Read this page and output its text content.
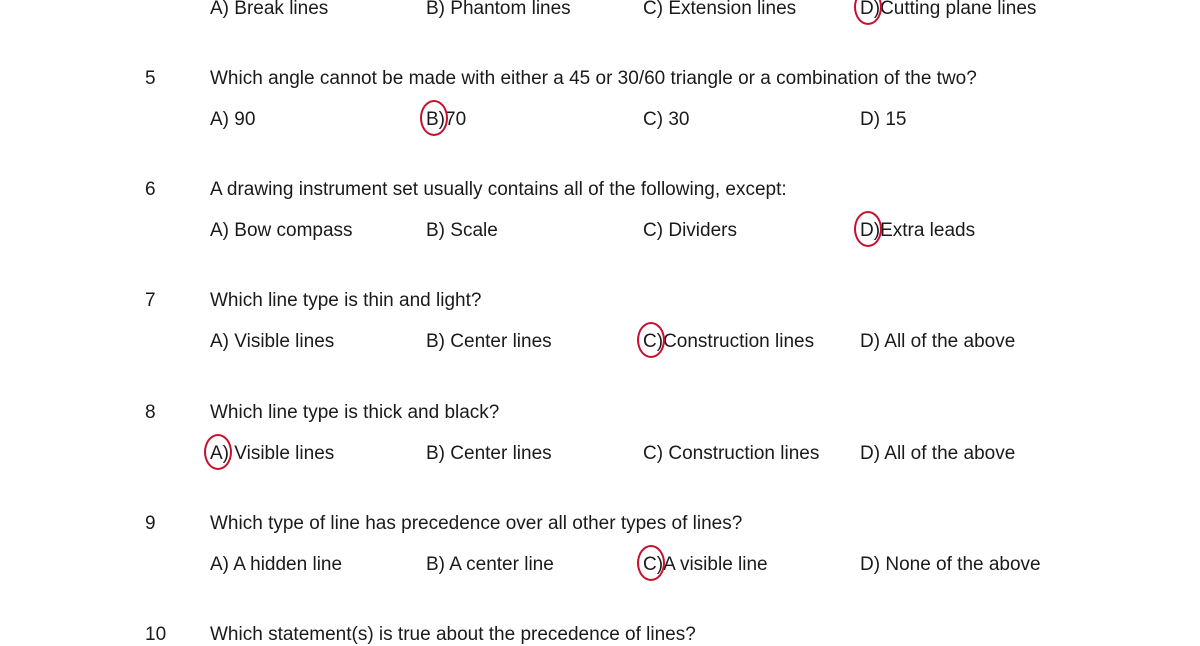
A) Break lines	B) Phantom lines	C) Extension lines	D)Cutting plane lines
5	Which angle cannot be made with either a 45 or 30/60 triangle or a combination of the two?
A) 90	B)70	C) 30	D) 15
6	A drawing instrument set usually contains all of the following, except:
A) Bow compass	B) Scale	C) Dividers	D)Extra leads
7	Which line type is thin and light?
A) Visible lines	B) Center lines	C)Construction lines D) All of the above
8	Which line type is thick and black?
A) Visible lines	B) Center lines	C) Construction lines D) All of the above
9	Which type of line has precedence over all other types of lines?
A) A hidden line	B) A center line	C)A visible line	D) None of the above
10 Which statement(s) is true about the precedence of lines?
